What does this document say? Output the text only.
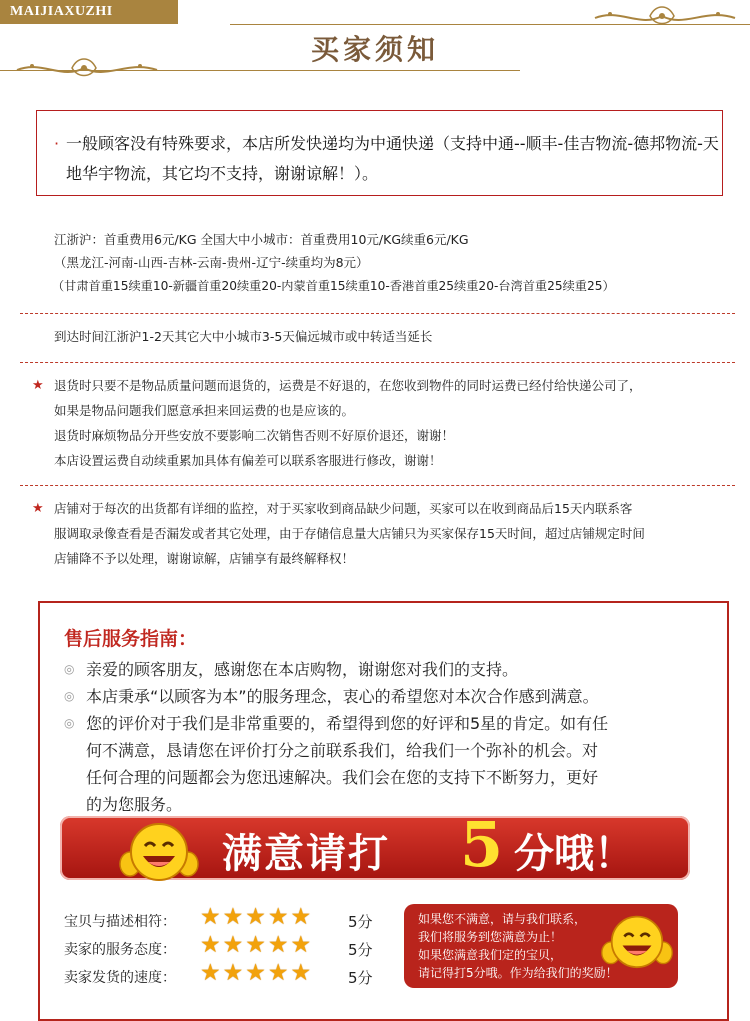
MAIJIAXUZHI
买家须知
· 一般顾客没有特殊要求，本店所发快递均为中通快递（支持中通--顺丰-佳吉物流-德邦物流-天地华宇物流，其它均不支持，谢谢谅解！）。
江浙沪：首重费用6元/KG 全国大中小城市：首重费用10元/KG续重6元/KG
（黑龙江-河南-山西-吉林-云南-贵州-辽宁-续重均为8元）
（甘肃首重15续重10-新疆首重20续重20-内蒙首重15续重10-香港首重25续重20-台湾首重25续重25）
到达时间江浙沪1-2天其它大中小城市3-5天偏远城市或中转适当延长
★ 退货时只要不是物品质量问题而退货的，运费是不好退的，在您收到物件的同时运费已经付给快递公司了，
如果是物品问题我们愿意承担来回运费的也是应该的。
退货时麻烦物品分开些安放不要影响二次销售否则不好原价退还，谢谢！
本店设置运费自动续重累加具体有偏差可以联系客服进行修改，谢谢！
★ 店铺对于每次的出货都有详细的监控，对于买家收到商品缺少问题，买家可以在收到商品后15天内联系客
服调取录像查看是否漏发或者其它处理，由于存储信息量大店铺只为买家保存15天时间，超过店铺规定时间
店铺降不予以处理，谢谢谅解，店铺享有最终解释权！
售后服务指南：
◎
亲爱的顾客朋友，感谢您在本店购物，谢谢您对我们的支持。
◎
本店秉承“以顾客为本”的服务理念，衷心的希望您对本次合作感到满意。
◎
您的评价对于我们是非常重要的，希望得到您的好评和5星的肯定。如有任
何不满意，恳请您在评价打分之前联系我们，给我们一个弥补的机会。对
任何合理的问题都会为您迅速解决。我们会在您的支持下不断努力，更好
的为您服务。
满意请打 5 分哦！
宝贝与描述相符： ★★★★★ 5分
卖家的服务态度： ★★★★★ 5分
卖家发货的速度： ★★★★★ 5分
如果您不满意，请与我们联系，
我们将服务到您满意为止！
如果您满意我们定的宝贝，
请记得打5分哦。作为给我们的奖励！
